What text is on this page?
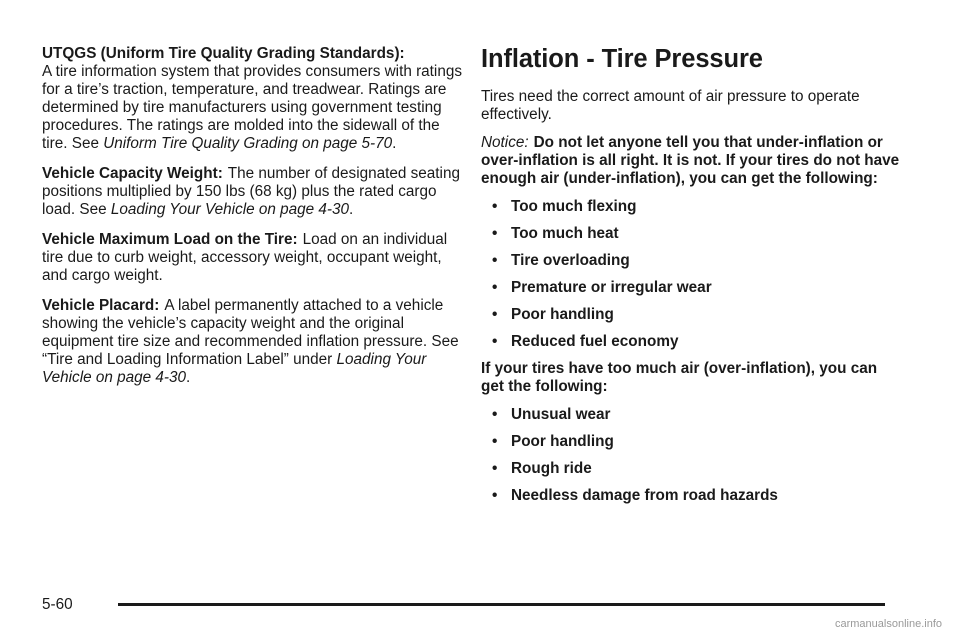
UTQGS (Uniform Tire Quality Grading Standards):
A tire information system that provides consumers with ratings for a tire’s traction, temperature, and treadwear. Ratings are determined by tire manufacturers using government testing procedures. The ratings are molded into the sidewall of the tire. See Uniform Tire Quality Grading on page 5-70.

Vehicle Capacity Weight: The number of designated seating positions multiplied by 150 lbs (68 kg) plus the rated cargo load. See Loading Your Vehicle on page 4-30.

Vehicle Maximum Load on the Tire: Load on an individual tire due to curb weight, accessory weight, occupant weight, and cargo weight.

Vehicle Placard: A label permanently attached to a vehicle showing the vehicle’s capacity weight and the original equipment tire size and recommended inflation pressure. See “Tire and Loading Information Label” under Loading Your Vehicle on page 4-30.

Inflation - Tire Pressure

Tires need the correct amount of air pressure to operate effectively.

Notice: Do not let anyone tell you that under-inflation or over-inflation is all right. It is not. If your tires do not have enough air (under-inflation), you can get the following:

• Too much flexing
• Too much heat
• Tire overloading
• Premature or irregular wear
• Poor handling
• Reduced fuel economy

If your tires have too much air (over-inflation), you can get the following:

• Unusual wear
• Poor handling
• Rough ride
• Needless damage from road hazards
5-60
carmanualsonline.info
